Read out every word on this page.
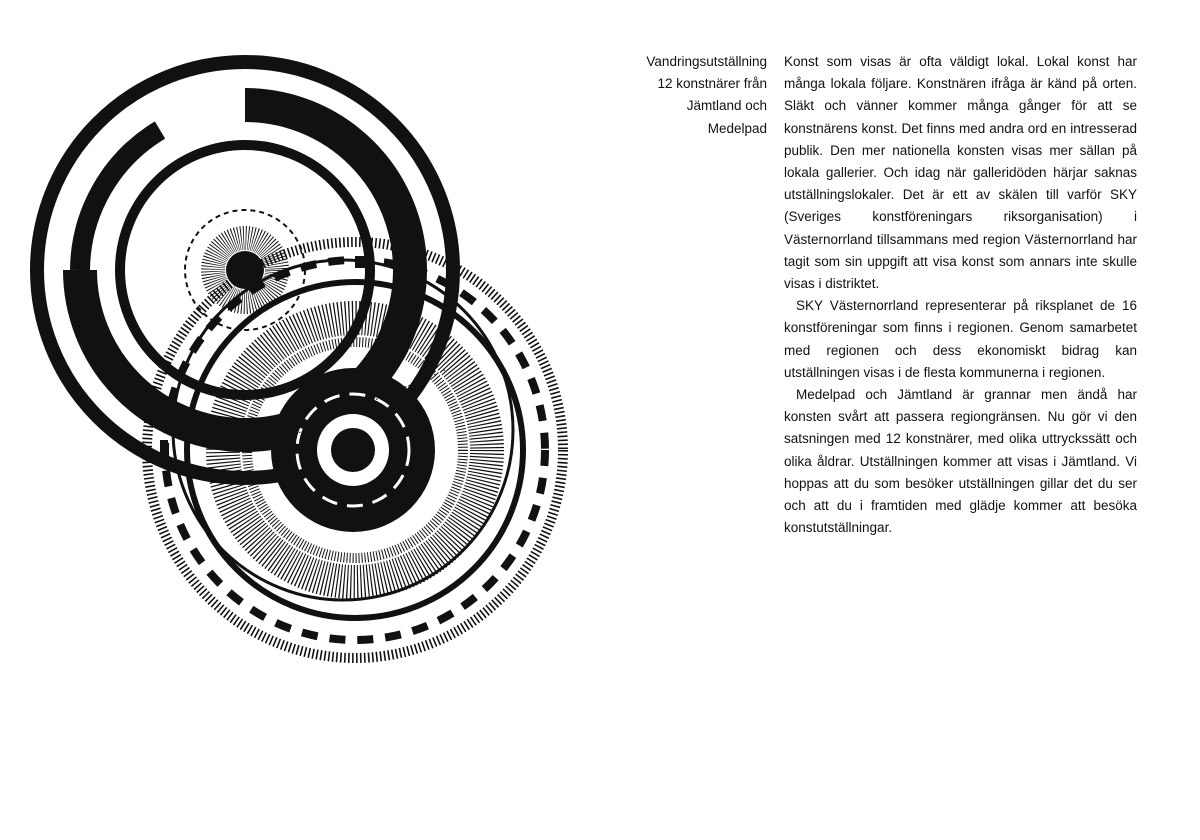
Vandringsutställning
12 konstnärer från
Jämtland och
Medelpad

Konst som visas är ofta väldigt lokal. Lokal konst har många lokala följare. Konstnären ifråga är känd på orten. Släkt och vänner kommer många gånger för att se konstnärens konst. Det finns med andra ord en intresserad publik. Den mer nationella konsten visas mer sällan på lokala gallerier. Och idag när galleridöden härjar saknas utställningslokaler. Det är ett av skälen till varför SKY (Sveriges konstföreningars riksorganisation) i Västernorrland tillsammans med region Västernorrland har tagit som sin uppgift att visa konst som annars inte skulle visas i distriktet.

SKY Västernorrland representerar på riksplanet de 16 konstföreningar som finns i regionen. Genom samarbetet med regionen och dess ekonomiskt bidrag kan utställningen visas i de flesta kommunerna i regionen.

Medelpad och Jämtland är grannar men ändå har konsten svårt att passera regiongränsen. Nu gör vi den satsningen med 12 konstnärer, med olika uttryckssätt och olika åldrar. Utställningen kommer att visas i Jämtland. Vi hoppas att du som besöker utställningen gillar det du ser och att du i framtiden med glädje kommer att besöka konstutställningar.
